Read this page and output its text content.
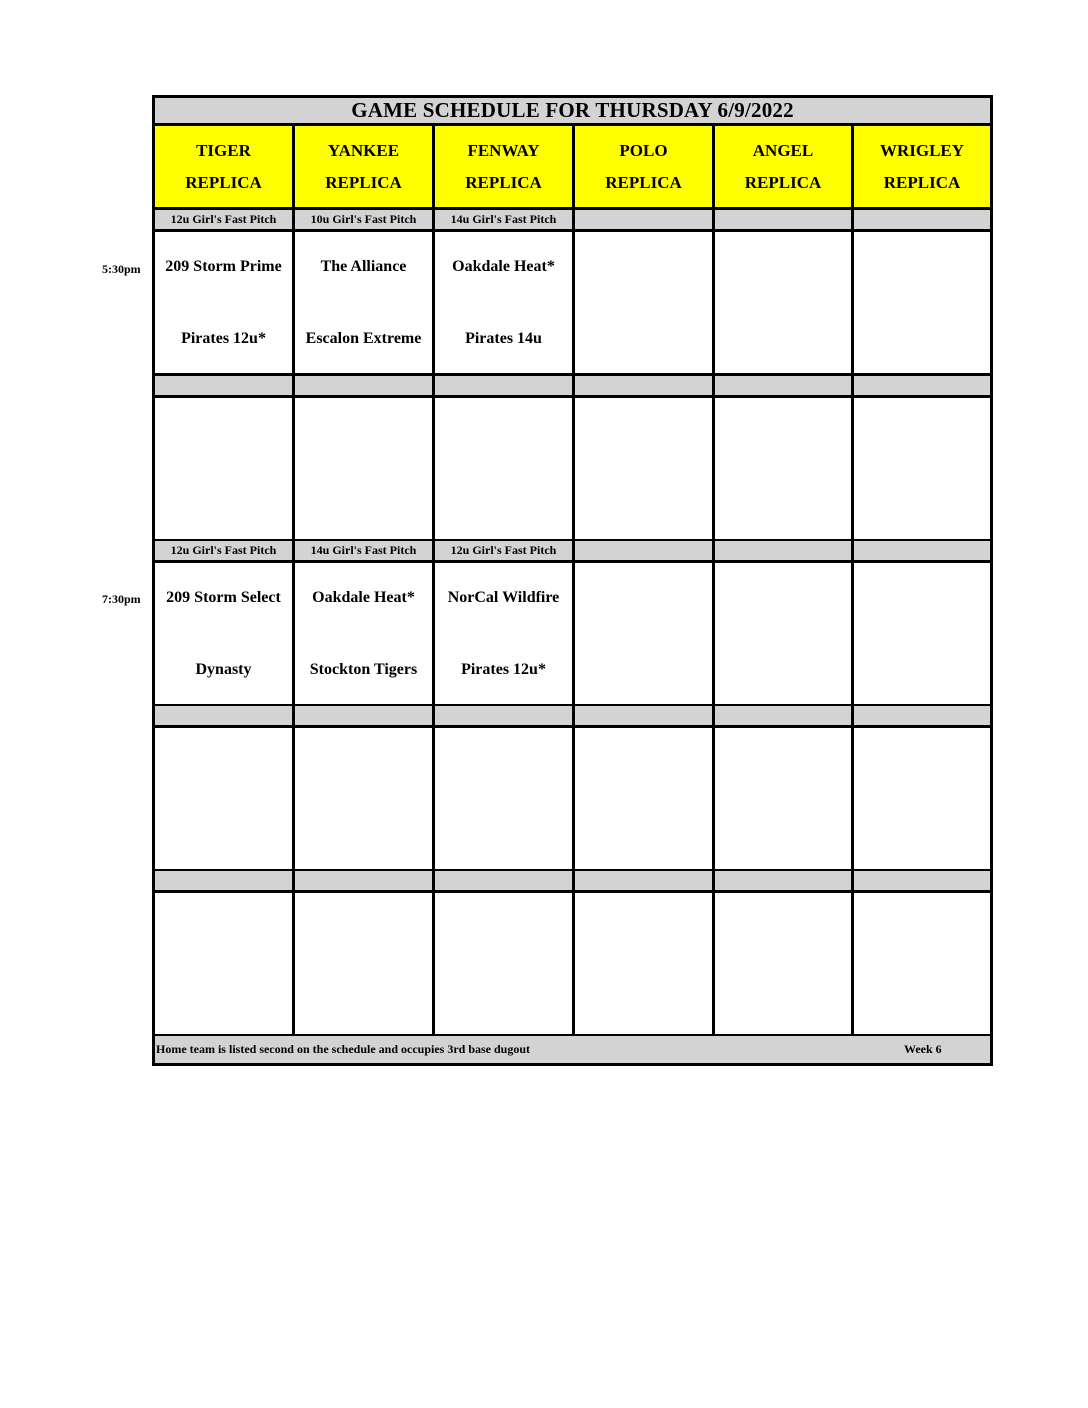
5:30pm
7:30pm
GAME SCHEDULE FOR THURSDAY 6/9/2022
TIGER
REPLICA
YANKEE
REPLICA
FENWAY
REPLICA
POLO
REPLICA
ANGEL
REPLICA
WRIGLEY
REPLICA
12u Girl's Fast Pitch
209 Storm Prime
Pirates 12u*
10u Girl's Fast Pitch
The Alliance
Escalon Extreme
14u Girl's Fast Pitch
Oakdale Heat*
Pirates 14u
12u Girl's Fast Pitch
209 Storm Select
Dynasty
14u Girl's Fast Pitch
Oakdale Heat*
Stockton Tigers
12u Girl's Fast Pitch
NorCal Wildfire
Pirates 12u*
Home team is listed second on the schedule and occupies 3rd base dugout	Week 6
